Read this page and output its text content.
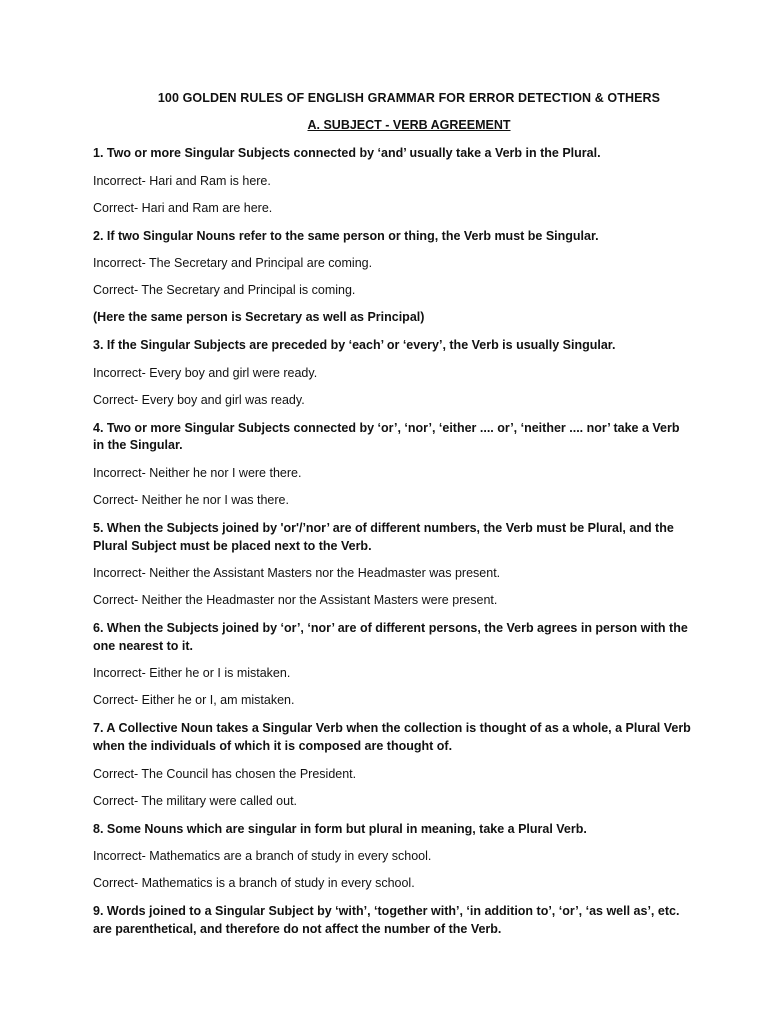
100 GOLDEN RULES OF ENGLISH GRAMMAR FOR ERROR DETECTION & OTHERS
A. SUBJECT - VERB AGREEMENT
1. Two or more Singular Subjects connected by ‘and’ usually take a Verb in the Plural.
Incorrect- Hari and Ram is here.
Correct- Hari and Ram are here.
2. If two Singular Nouns refer to the same person or thing, the Verb must be Singular.
Incorrect- The Secretary and Principal are coming.
Correct- The Secretary and Principal is coming.
(Here the same person is Secretary as well as Principal)
3. If the Singular Subjects are preceded by ‘each’ or ‘every’, the Verb is usually Singular.
Incorrect- Every boy and girl were ready.
Correct- Every boy and girl was ready.
4. Two or more Singular Subjects connected by ‘or’, ‘nor’, ‘either .... or’, ‘neither .... nor’ take a Verb in the Singular.
Incorrect- Neither he nor I were there.
Correct- Neither he nor I was there.
5. When the Subjects joined by 'or'/’nor’ are of different numbers, the Verb must be Plural, and the Plural Subject must be placed next to the Verb.
Incorrect- Neither the Assistant Masters nor the Headmaster was present.
Correct- Neither the Headmaster nor the Assistant Masters were present.
6. When the Subjects joined by ‘or’, ‘nor’ are of different persons, the Verb agrees in person with the one nearest to it.
Incorrect- Either he or I is mistaken.
Correct- Either he or I, am mistaken.
7. A Collective Noun takes a Singular Verb when the collection is thought of as a whole, a Plural Verb when the individuals of which it is composed are thought of.
Correct- The Council has chosen the President.
Correct- The military were called out.
8. Some Nouns which are singular in form but plural in meaning, take a Plural Verb.
Incorrect- Mathematics are a branch of study in every school.
Correct- Mathematics is a branch of study in every school.
9. Words joined to a Singular Subject by ‘with’, ‘together with’, ‘in addition to’, ‘or’, ‘as well as’, etc. are parenthetical, and therefore do not affect the number of the Verb.
